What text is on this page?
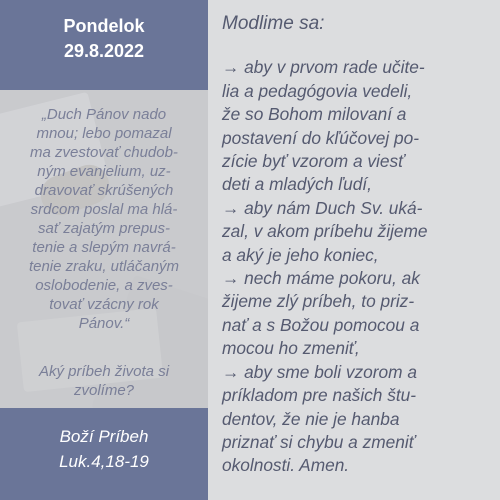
Pondelok
29.8.2022
„Duch Pánov nado
mnou; lebo pomazal
ma zvestovať chudob-
ným evanjelium, uz-
dravovať skrúšených
srdcom poslal ma hlá-
sať zajatým prepus-
tenie a slepým navrá-
tenie zraku, utláčaným
oslobodenie, a zves-
tovať vzácny rok
Pánov.“
Aký príbeh života si
zvolíme?
Boží Príbeh
Luk.4,18-19
Modlime sa:
→ aby v prvom rade učite-
lia a pedagógovia vedeli,
že so Bohom milovaní a
postavení do kľúčovej po-
zície byť vzorom a viesť
deti a mladých ľudí,
→ aby nám Duch Sv. uká-
zal, v akom príbehu žijeme
a aký je jeho koniec,
→ nech máme pokoru, ak
žijeme zlý príbeh, to priz-
nať a s Božou pomocou a
mocou ho zmeniť,
→ aby sme boli vzorom a
príkladom pre našich štu-
dentov, že nie je hanba
priznať si chybu a zmeniť
okolnosti. Amen.
